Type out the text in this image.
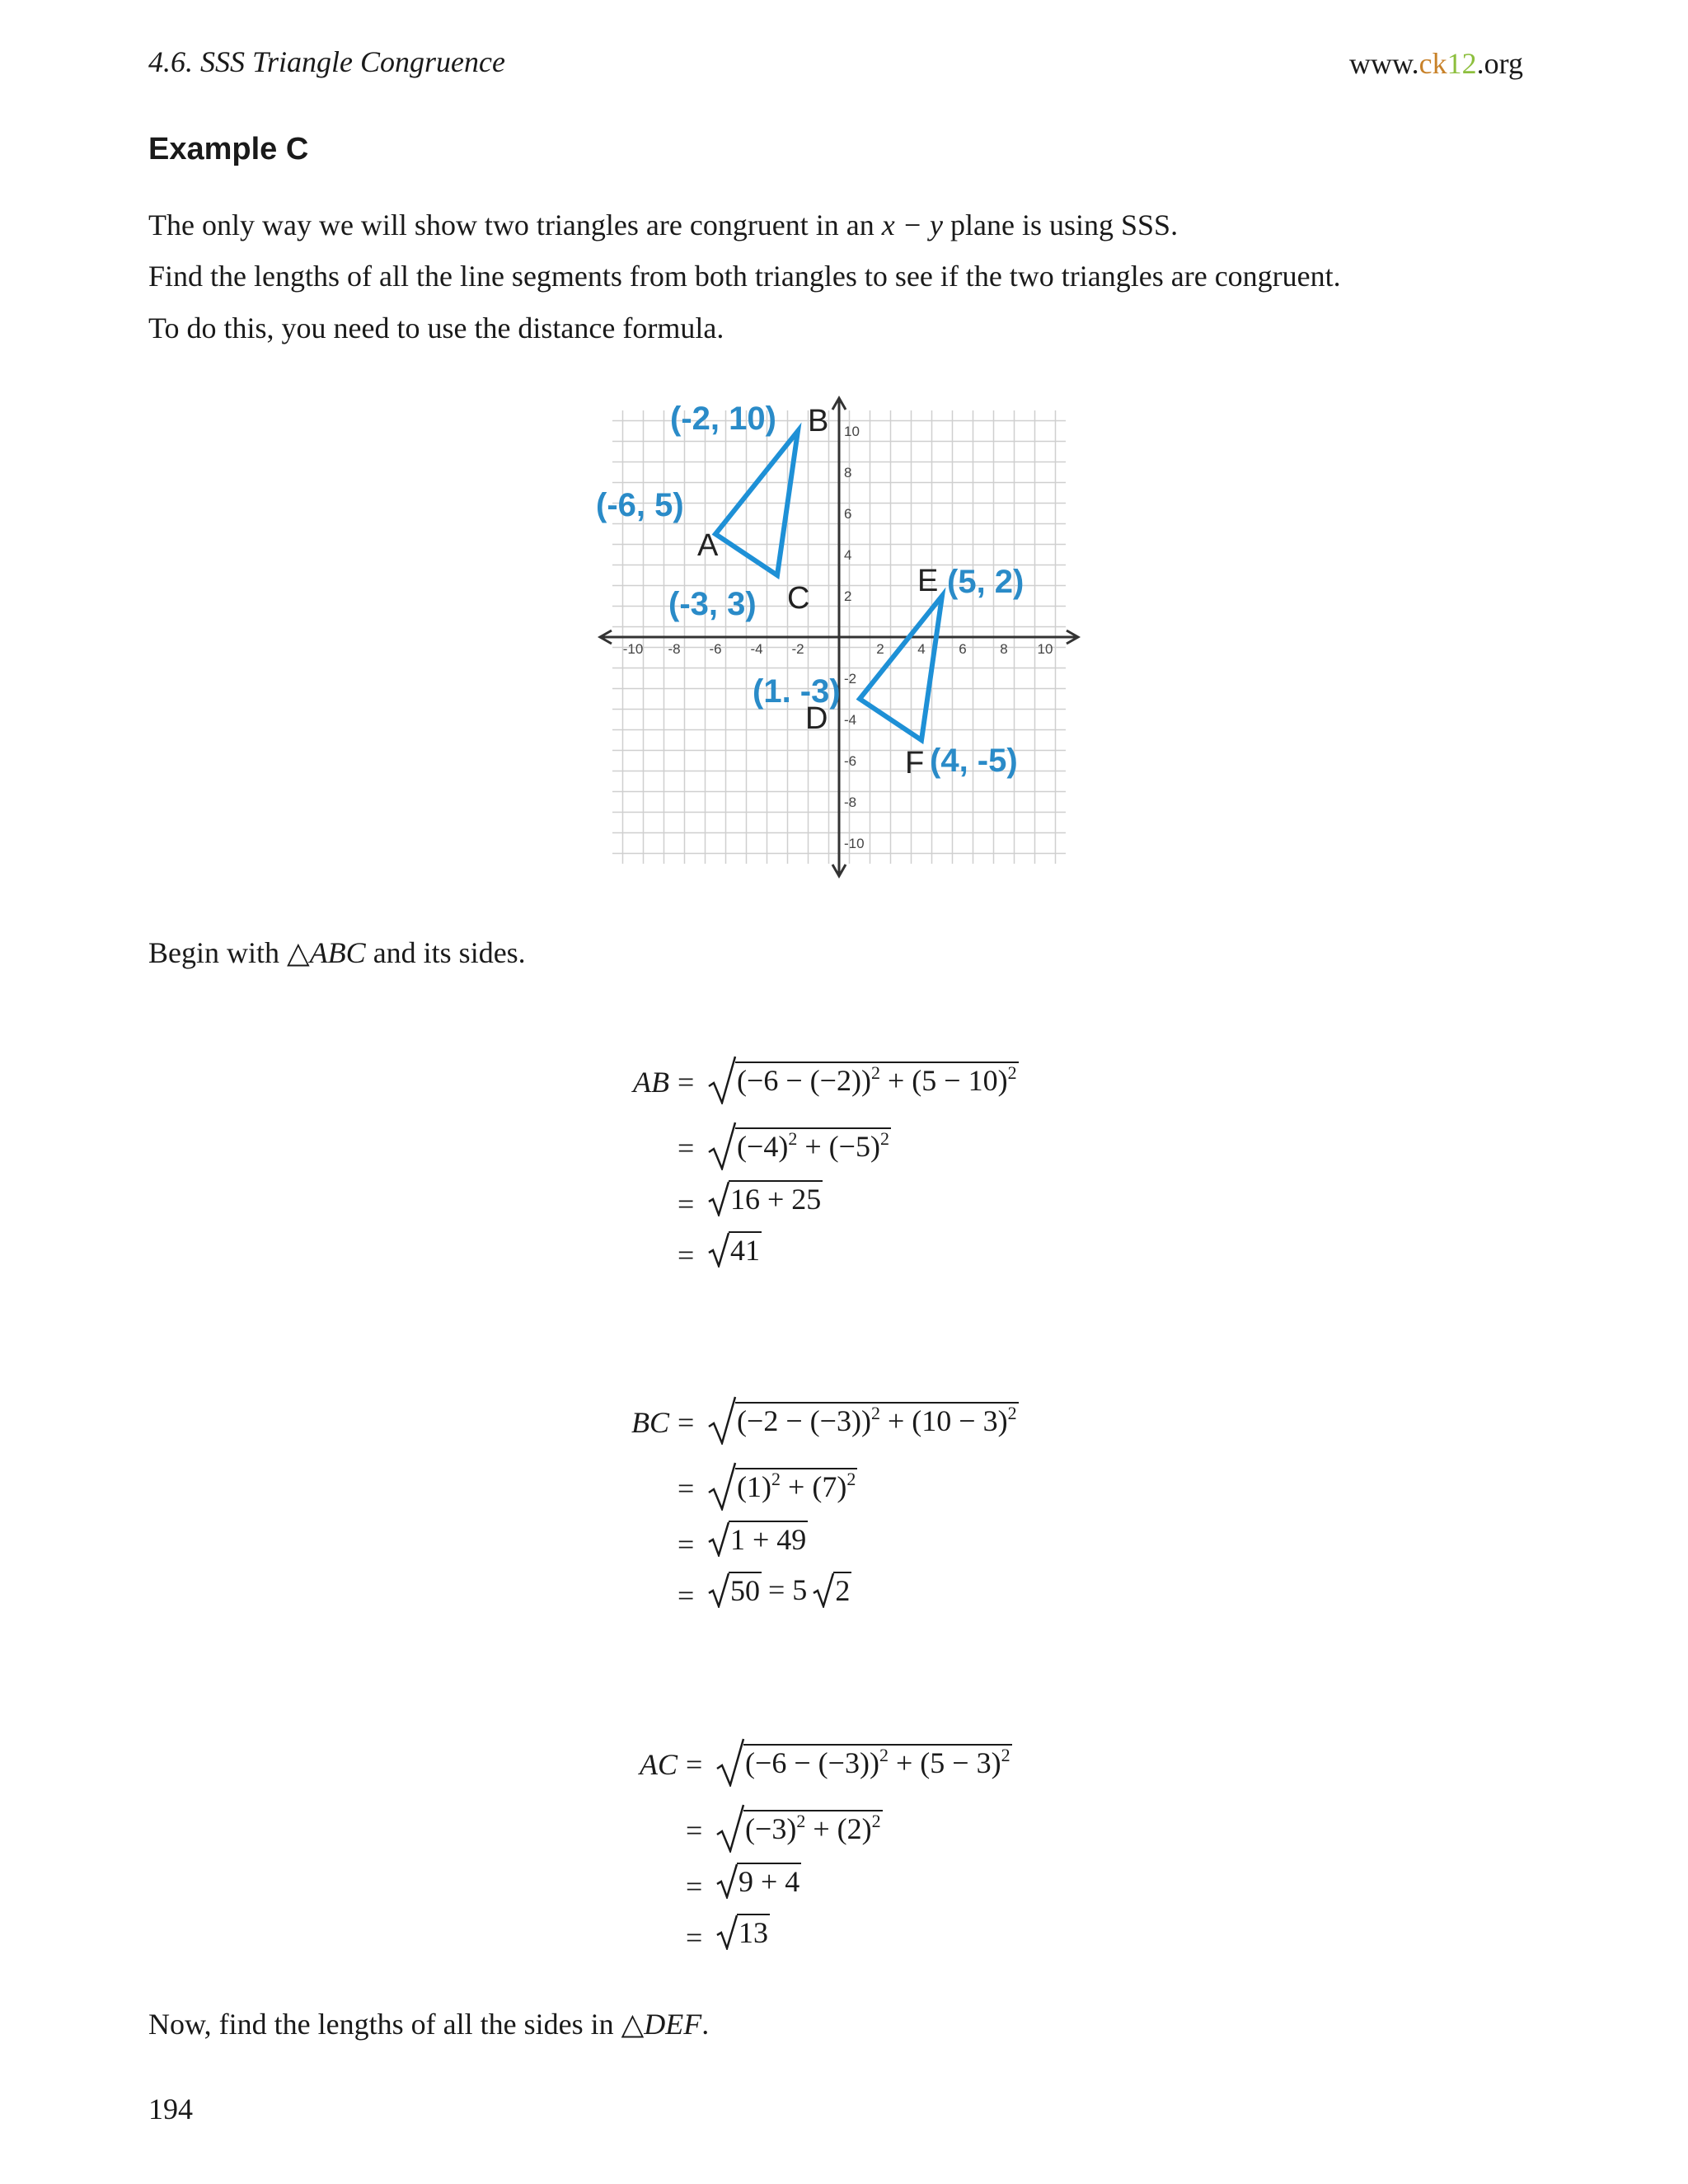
4.6. SSS Triangle Congruence	www.ck12.org
Example C
The only way we will show two triangles are congruent in an x − y plane is using SSS.
Find the lengths of all the line segments from both triangles to see if the two triangles are congruent.
To do this, you need to use the distance formula.
-10 -8 -6 -4 -2	2 4 6 8 10
10
8
6
4
2
-2
-4
-6
-8
-10
A
(-6, 5)
B
(-2, 10)
C
(-3, 3)
D
(1. -3)
E (5, 2)
F (4, -5)
Begin with △ABC and its sides.
AB = $(-6 - (-2))^2 + (5 - 10)^2$
= $(-4)^2 + (-5)^2$
= 16 + 25
= 41
BC = $(-2 - (-3))^2 + (10 - 3)^2$
= $(1)^2 + (7)^2$
= 1 + 49
= 50 = 5 2
AC = $(-6 - (-3))^2 + (5 - 3)^2$
= $(-3)^2 + (2)^2$
= 9 + 4
= 13
Now, find the lengths of all the sides in △DEF.
194
